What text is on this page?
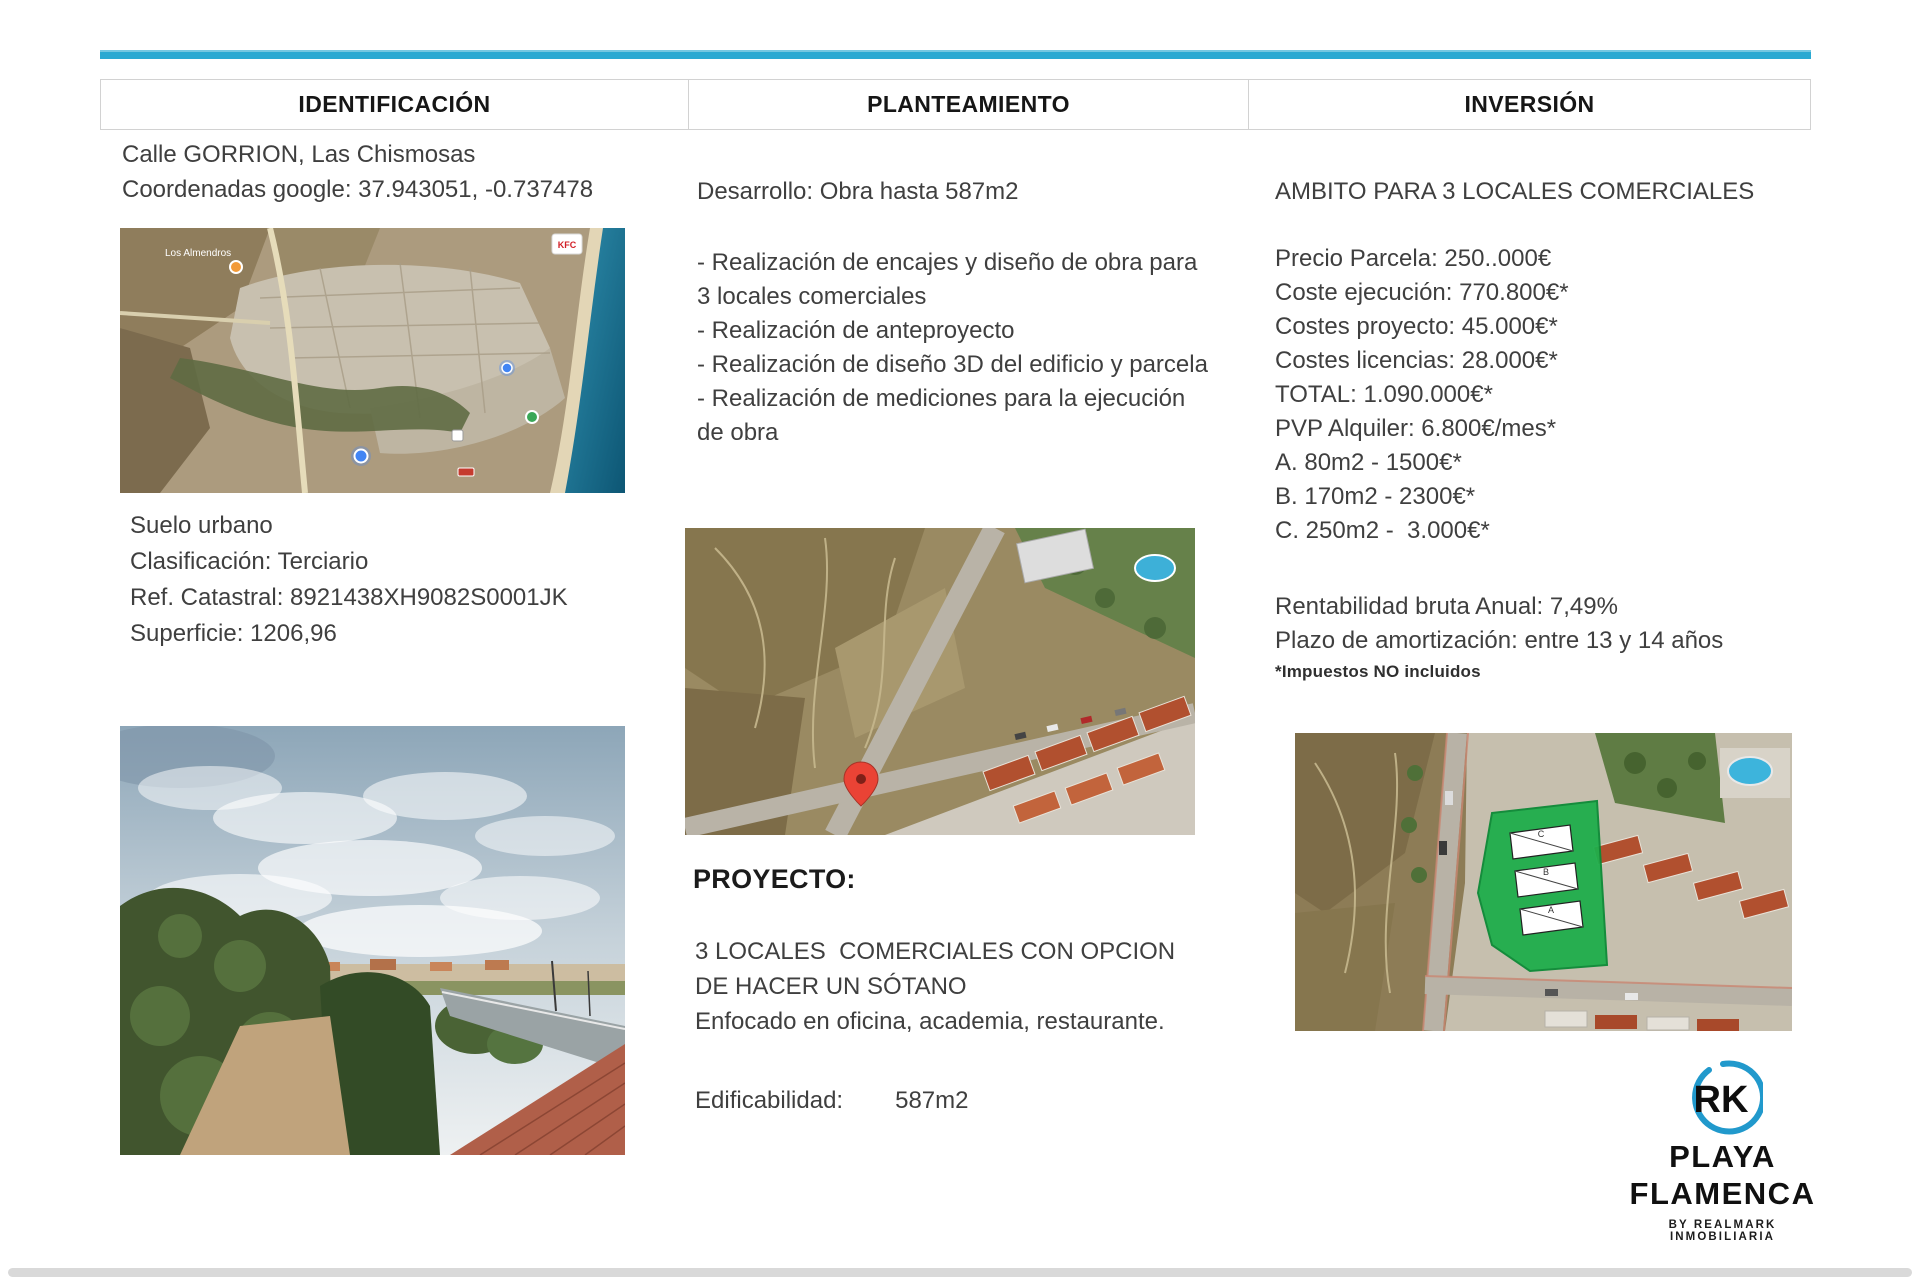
IDENTIFICACIÓN	PLANTEAMIENTO	INVERSIÓN
Calle GORRION, Las Chismosas
Coordenadas google: 37.943051, -0.737478
Los Almendros
KFC
Suelo urbano
Clasificación: Terciario
Ref. Catastral: 8921438XH9082S0001JK
Superficie: 1206,96
Desarrollo: Obra hasta 587m2
- Realización de encajes y diseño de obra para 3 locales comerciales
- Realización de anteproyecto
- Realización de diseño 3D del edificio y parcela
- Realización de mediciones para la ejecución de obra
PROYECTO:
3 LOCALES  COMERCIALES CON OPCION DE HACER UN SÓTANO
Enfocado en oficina, academia, restaurante.
Edificabilidad: 587m2
AMBITO PARA 3 LOCALES COMERCIALES
Precio Parcela: 250..000€
Coste ejecución: 770.800€*
Costes proyecto: 45.000€*
Costes licencias: 28.000€*
TOTAL: 1.090.000€*
PVP Alquiler: 6.800€/mes*
A. 80m2 - 1500€*
B. 170m2 - 2300€*
C. 250m2 -  3.000€*
Rentabilidad bruta Anual: 7,49%
Plazo de amortización: entre 13 y 14 años
*Impuestos NO incluidos
C
B
A
RK
PLAYA
FLAMENCA
BY REALMARK INMOBILIARIA
